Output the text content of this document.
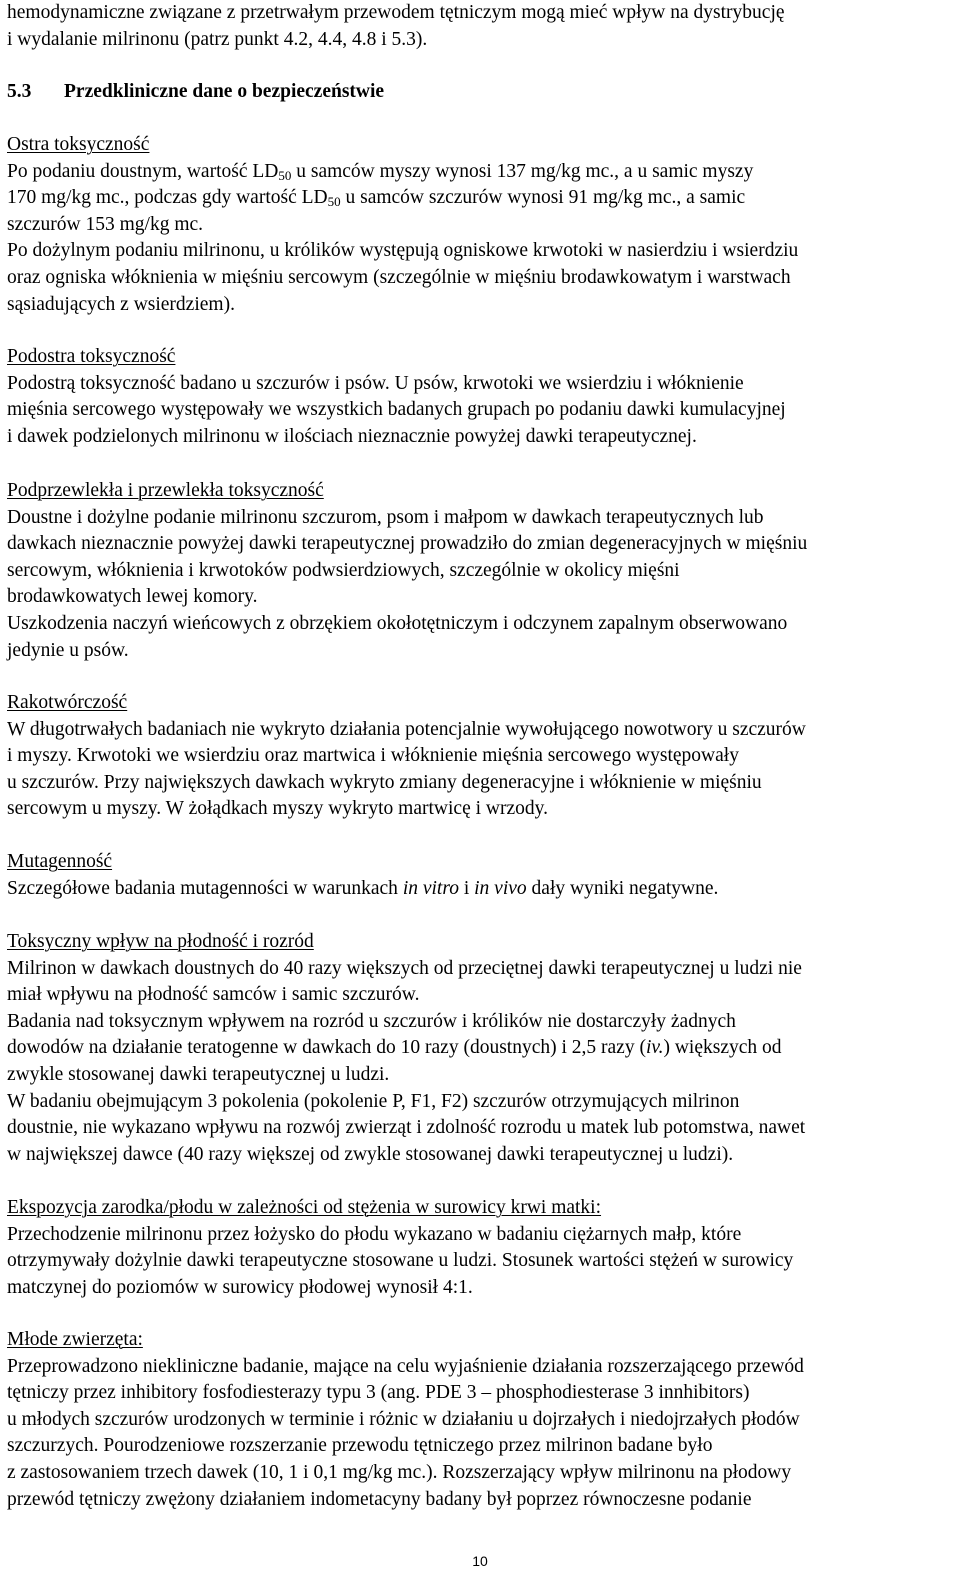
hemodynamiczne związane z przetrwałym przewodem tętniczym mogą mieć wpływ na dystrybucję
i wydalanie milrinonu (patrz punkt 4.2, 4.4, 4.8 i 5.3).
5.3 Przedkliniczne dane o bezpieczeństwie
Ostra toksyczność
Po podaniu doustnym, wartość $LD_{50}$ u samców myszy wynosi 137 mg/kg mc., a u samic myszy
170 mg/kg mc., podczas gdy wartość $LD_{50}$ u samców szczurów wynosi 91 mg/kg mc., a samic
szczurów 153 mg/kg mc.
Po dożylnym podaniu milrinonu, u królików występują ogniskowe krwotoki w nasierdziu i wsierdziu
oraz ogniska włóknienia w mięśniu sercowym (szczególnie w mięśniu brodawkowatym i warstwach
sąsiadujących z wsierdziem).
Podostra toksyczność
Podostrą toksyczność badano u szczurów i psów. U psów, krwotoki we wsierdziu i włóknienie
mięśnia sercowego występowały we wszystkich badanych grupach po podaniu dawki kumulacyjnej
i dawek podzielonych milrinonu w ilościach nieznacznie powyżej dawki terapeutycznej.
Podprzewlekła i przewlekła toksyczność
Doustne i dożylne podanie milrinonu szczurom, psom i małpom w dawkach terapeutycznych lub
dawkach nieznacznie powyżej dawki terapeutycznej prowadziło do zmian degeneracyjnych w mięśniu
sercowym, włóknienia i krwotoków podwsierdziowych, szczególnie w okolicy mięśni
brodawkowatych lewej komory.
Uszkodzenia naczyń wieńcowych z obrzękiem okołotętniczym i odczynem zapalnym obserwowano
jedynie u psów.
Rakotwórczość
W długotrwałych badaniach nie wykryto działania potencjalnie wywołującego nowotwory u szczurów
i myszy. Krwotoki we wsierdziu oraz martwica i włóknienie mięśnia sercowego występowały
u szczurów. Przy największych dawkach wykryto zmiany degeneracyjne i włóknienie w mięśniu
sercowym u myszy. W żołądkach myszy wykryto martwicę i wrzody.
Mutagenność
Szczegółowe badania mutagenności w warunkach in vitro i in vivo dały wyniki negatywne.
Toksyczny wpływ na płodność i rozród
Milrinon w dawkach doustnych do 40 razy większych od przeciętnej dawki terapeutycznej u ludzi nie
miał wpływu na płodność samców i samic szczurów.
Badania nad toksycznym wpływem na rozród u szczurów i królików nie dostarczyły żadnych
dowodów na działanie teratogenne w dawkach do 10 razy (doustnych) i 2,5 razy (iv.) większych od
zwykle stosowanej dawki terapeutycznej u ludzi.
W badaniu obejmującym 3 pokolenia (pokolenie P, F1, F2) szczurów otrzymujących milrinon
doustnie, nie wykazano wpływu na rozwój zwierząt i zdolność rozrodu u matek lub potomstwa, nawet
w największej dawce (40 razy większej od zwykle stosowanej dawki terapeutycznej u ludzi).
Ekspozycja zarodka/płodu w zależności od stężenia w surowicy krwi matki:
Przechodzenie milrinonu przez łożysko do płodu wykazano w badaniu ciężarnych małp, które
otrzymywały dożylnie dawki terapeutyczne stosowane u ludzi. Stosunek wartości stężeń w surowicy
matczynej do poziomów w surowicy płodowej wynosił 4:1.
Młode zwierzęta:
Przeprowadzono niekliniczne badanie, mające na celu wyjaśnienie działania rozszerzającego przewód
tętniczy przez inhibitory fosfodiesterazy typu 3 (ang. PDE 3 – phosphodiesterase 3 innhibitors)
u młodych szczurów urodzonych w terminie i różnic w działaniu u dojrzałych i niedojrzałych płodów
szczurzych. Pourodzeniowe rozszerzanie przewodu tętniczego przez milrinon badane było
z zastosowaniem trzech dawek (10, 1 i 0,1 mg/kg mc.). Rozszerzający wpływ milrinonu na płodowy
przewód tętniczy zwężony działaniem indometacyny badany był poprzez równoczesne podanie
10
